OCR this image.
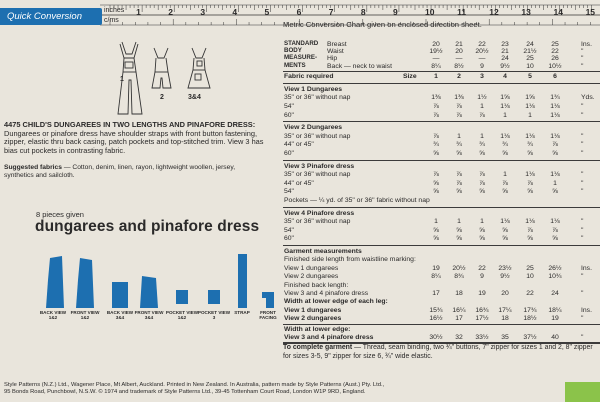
Quick Conversion
inches
c/ms
1	2	3	4	5	6	7	8	9	10	11	12	13	14	15
1
2	3&4
4475 CHILD'S DUNGAREES IN TWO LENGTHS AND PINAFORE DRESS: Dungarees or pinafore dress have shoulder straps with front button fastening, zipper, elastic thru back casing, patch pockets and top-stitched trim. View 3 has bias cut pockets in contrasting fabric.
Suggested fabrics — Cotton, denim, linen, rayon, lightweight woollen, jersey, synthetics and sailcloth.
8 pieces given
dungarees and pinafore dress
BACK VIEW 1&2
FRONT VIEW 1&2
BACK VIEW 3&4
FRONT VIEW 3&4
POCKET VIEW 1&2
POCKET VIEW 3
STRAP	FRONT FACING
Metric Conversion Chart given on enclosed direction sheet.
STANDARD
BODY
MEASURE-
MENTS
Breast	20	21	22	23	24	25	Ins.
Waist	19½	20	20½	21	21½	22	"
Hip	—	—	—	24	25	26	"
Back — neck to waist	8¼	8½	9	9½	10	10½	"
Fabric required	Size	1	2	3	4	5	6
View 1 Dungarees
35" or 36" without nap	1⅜	1⅜	1½	1⅝	1⅝	1¾	Yds.
54"	⅞	⅞	1	1⅛	1⅛	1⅛	"
60"	⅞	⅞	⅞	1	1	1⅛	"
View 2 Dungarees
35" or 36" without nap	⅞	1	1	1⅛	1⅛	1⅛	"
44" or 45"	¾	¾	¾	¾	¾	⅞	"
60"	⅝	⅝	⅝	⅝	⅝	⅝	"
View 3 Pinafore dress
35" or 36" without nap	⅞	⅞	⅞	1	1⅛	1⅛	"
44" or 45"	⅝	⅞	⅞	⅞	⅞	1	"
54"	⅝	⅝	⅝	⅝	⅝	⅝	"
Pockets — ¼ yd. of 35" or 36" fabric without nap
View 4 Pinafore dress
35" or 36" without nap	1	1	1	1⅛	1⅛	1⅛	"
54"	⅝	⅝	⅝	⅝	⅞	⅞	"
60"	⅝	⅝	⅝	⅝	⅝	⅝	"
Garment measurements
Finished side length from waistline marking:
View 1 dungarees	19	20½	22	23½	25	26½	Ins.
View 2 dungarees	8¼	8¾	9	9½	10	10¾	"
Finished back length:
View 3 and 4 pinafore dress	17	18	19	20	22	24	"
Width at lower edge of each leg:
View 1 dungarees	15¾	16¼	16¾	17¼	17¾	18¼	Ins.
View 2 dungarees	16½	17	17½	18	18½	19	"
Width at lower edge:
View 3 and 4 pinafore dress	30½	32	33½	35	37½	40	"
To complete garment — Thread, seam binding, two ¾" buttons, 7" zipper for sizes 1 and 2, 8" zipper for sizes 3-5, 9" zipper for size 6, ¾" wide elastic.
Style Patterns (N.Z.) Ltd., Wagener Place, Mt Albert, Auckland. Printed in New Zealand. In Australia, pattern made by Style Patterns (Aust.) Pty. Ltd.,
95 Bonds Road, Punchbowl, N.S.W. © 1974 and trademark of Style Patterns Ltd., 39-45 Tottenham Court Road, London W1P 9RD, England.
